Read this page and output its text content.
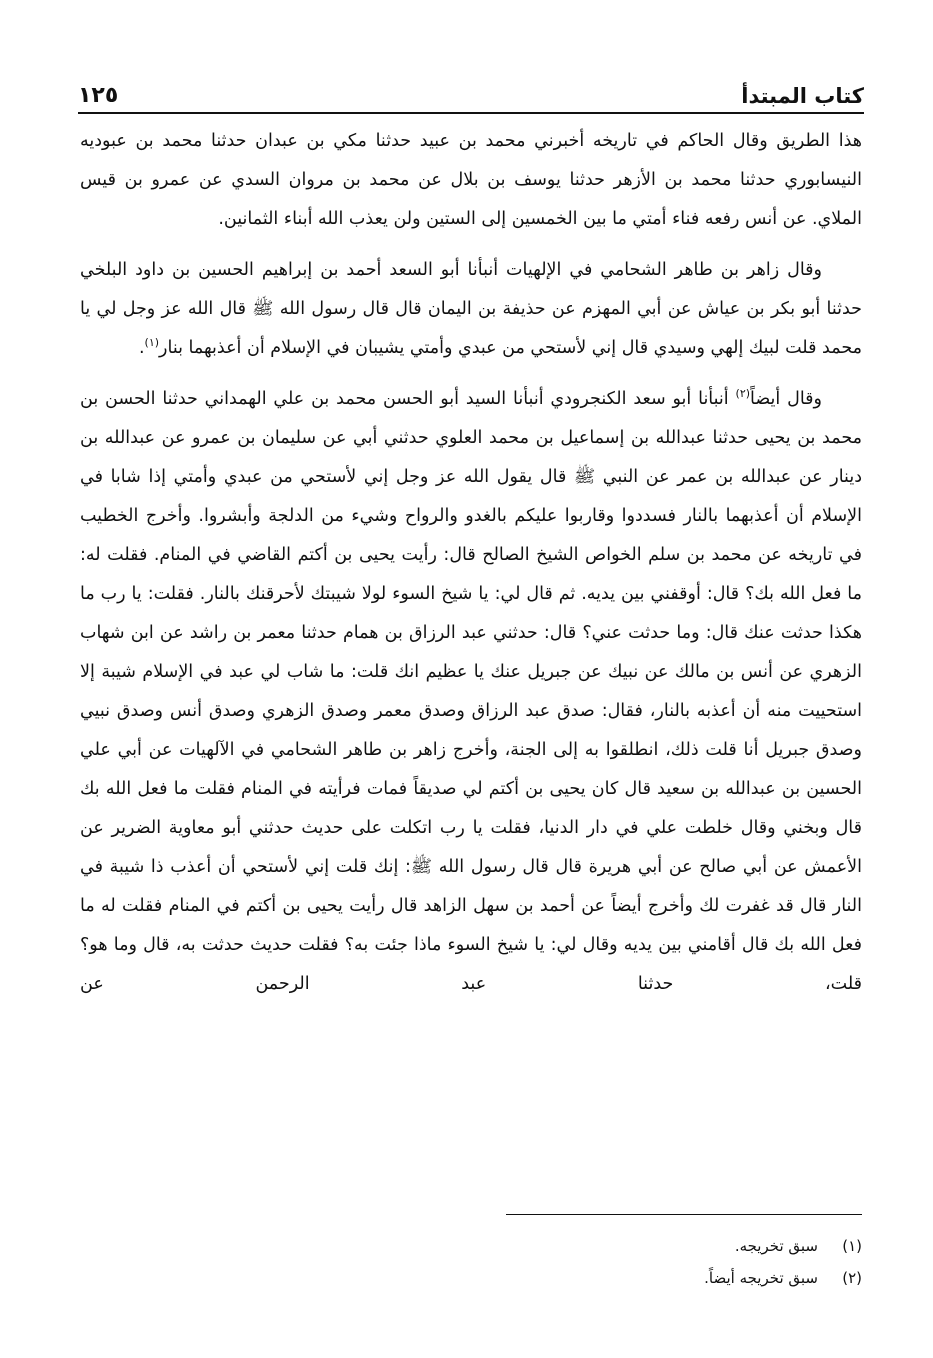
كتاب المبتدأ
١٢٥

هذا الطريق وقال الحاكم في تاريخه أخبرني محمد بن عبيد حدثنا مكي بن عبدان حدثنا محمد بن عبوديه النيسابوري حدثنا محمد بن الأزهر حدثنا يوسف بن بلال عن محمد بن مروان السدي عن عمرو بن قيس الملاي. عن أنس رفعه فناء أمتي ما بين الخمسين إلى الستين ولن يعذب الله أبناء الثمانين.

وقال زاهر بن طاهر الشحامي في الإلهيات أنبأنا أبو السعد أحمد بن إبراهيم الحسين بن داود البلخي حدثنا أبو بكر بن عياش عن أبي المهزم عن حذيفة بن اليمان قال قال رسول الله ﷺ قال الله عز وجل لي يا محمد قلت لبيك إلهي وسيدي قال إني لأستحي من عبدي وأمتي يشيبان في الإسلام أن أعذبهما بنار$^{(١)}$.

وقال أيضاً$^{(٢)}$ أنبأنا أبو سعد الكنجرودي أنبأنا السيد أبو الحسن محمد بن علي الهمداني حدثنا الحسن بن محمد بن يحيى حدثنا عبدالله بن إسماعيل بن محمد العلوي حدثني أبي عن سليمان بن عمرو عن عبدالله بن دينار عن عبدالله بن عمر عن النبي ﷺ قال يقول الله عز وجل إني لأستحي من عبدي وأمتي إذا شابا في الإسلام أن أعذبهما بالنار فسددوا وقاربوا عليكم بالغدو والرواح وشيء من الدلجة وأبشروا. وأخرج الخطيب في تاريخه عن محمد بن سلم الخواص الشيخ الصالح قال: رأيت يحيى بن أكتم القاضي في المنام. فقلت له: ما فعل الله بك؟ قال: أوقفني بين يديه. ثم قال لي: يا شيخ السوء لولا شيبتك لأحرقنك بالنار. فقلت: يا رب ما هكذا حدثت عنك قال: وما حدثت عني؟ قال: حدثني عبد الرزاق بن همام حدثنا معمر بن راشد عن ابن شهاب الزهري عن أنس بن مالك عن نبيك عن جبريل عنك يا عظيم انك قلت: ما شاب لي عبد في الإسلام شيبة إلا استحييت منه أن أعذبه بالنار، فقال: صدق عبد الرزاق وصدق معمر وصدق الزهري وصدق أنس وصدق نبيي وصدق جبريل أنا قلت ذلك، انطلقوا به إلى الجنة، وأخرج زاهر بن طاهر الشحامي في الآلهيات عن أبي علي الحسين بن عبدالله بن سعيد قال كان يحيى بن أكتم لي صديقاً فمات فرأيته في المنام فقلت ما فعل الله بك قال وبخني وقال خلطت علي في دار الدنيا، فقلت يا رب اتكلت على حديث حدثني أبو معاوية الضرير عن الأعمش عن أبي صالح عن أبي هريرة قال قال رسول الله ﷺ: إنك قلت إني لأستحي أن أعذب ذا شيبة في النار قال قد غفرت لك وأخرج أيضاً عن أحمد بن سهل الزاهد قال رأيت يحيى بن أكتم في المنام فقلت له ما فعل الله بك قال أقامني بين يديه وقال لي: يا شيخ السوء ماذا جئت به؟ فقلت حديث حدثت به، قال وما هو؟ قلت، حدثنا عبد الرحمن عن

(١)
سبق تخريجه.
(٢)
سبق تخريجه أيضاً.
